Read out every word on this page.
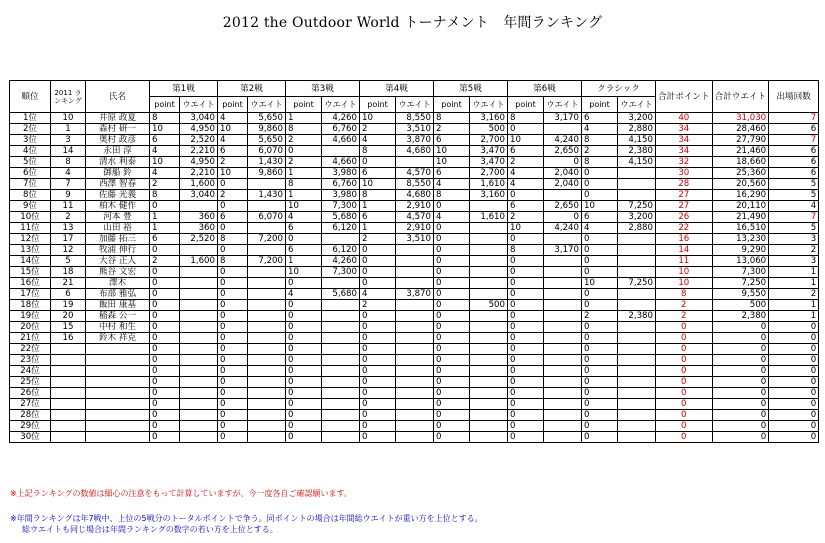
2012 the Outdoor World トーナメント　年間ランキング
順位	2011 ランキング	氏名	第1戦		第2戦		第3戦		第4戦		第5戦		第6戦		クラシック		合計ポイント	合計ウエイト	出場回数
			point	ウエイト	point	ウエイト	point	ウエイト	point	ウエイト	point	ウエイト	point	ウエイト	point	ウエイト			
1位	10	井原 政夏	8	3,040	4	5,650	1	4,260	10	8,550	8	3,160	8	3,170	6	3,200	40	31,030	7
2位	1	森村 研一	10	4,950	10	9,860	8	6,760	2	3,510	2	500	0		4	2,880	34	28,460	6
3位	3	奥村 政彦	6	2,520	4	5,650	2	4,660	4	3,870	6	2,700	10	4,240	8	4,150	34	27,790	7
4位	14	永田 淳	4	2,210	6	6,070	0		8	4,680	10	3,470	6	2,650	2	2,380	34	21,460	6
5位	8	清水 利泰	10	4,950	2	1,430	2	4,660	0		10	3,470	2	0	8	4,150	32	18,660	6
6位	4	御船 鈴	4	2,210	10	9,860	1	3,980	6	4,570	6	2,700	4	2,040	0		30	25,360	6
7位	7	西澤 智春	2	1,600	0		8	6,760	10	8,550	4	1,610	4	2,040	0		28	20,560	5
8位	9	佐藤 光義	8	3,040	2	1,430	1	3,980	8	4,680	8	3,160	0		0		27	16,290	5
9位	11	柏木 健作	0		0		10	7,300	1	2,910	0		6	2,650	10	7,250	27	20,110	4
10位	2	河本 豊	1	360	6	6,070	4	5,680	6	4,570	4	1,610	2	0	6	3,200	26	21,490	7
11位	13	山田 裕	1	360	0		6	6,120	1	2,910	0		10	4,240	4	2,880	22	16,510	5
12位	17	加藤 拓三	6	2,520	8	7,200	0		2	3,510	0		0		0		16	13,230	3
13位	12	牧浦 伸行	0		0		6	6,120	0		0		8	3,170	0		14	9,290	2
14位	5	大谷 正人	2	1,600	8	7,200	1	4,260	0		0		0		0		11	13,060	3
15位	18	熊谷 文宏	0		0		10	7,300	0		0		0		0		10	7,300	1
16位	21	澤木	0		0		0		0		0		0		10	7,250	10	7,250	1
17位	6	布部 雅弘	0		0		4	5,680	4	3,870	0		0		0		8	9,550	2
18位	19	飯田 康基	0		0		0		2		0	500	0		0		2	500	1
19位	20	稲森 公一	0		0		0		0		0		0		2	2,380	2	2,380	1
20位	15	中村 和生	0		0		0		0		0		0		0		0	0	0
21位	16	鈴木 祥克	0		0		0		0		0		0		0		0	0	0
22位			0		0		0		0		0		0		0		0	0	0
23位			0		0		0		0		0		0		0		0	0	0
24位			0		0		0		0		0		0		0		0	0	0
25位			0		0		0		0		0		0		0		0	0	0
26位			0		0		0		0		0		0		0		0	0	0
27位			0		0		0		0		0		0		0		0	0	0
28位			0		0		0		0		0		0		0		0	0	0
29位			0		0		0		0		0		0		0		0	0	0
30位			0		0		0		0		0		0		0		0	0	0
※上記ランキングの数値は細心の注意をもって計算していますが、今一度各自ご確認願います。
※年間ランキングは年7戦中、上位の5戦分のトータルポイントで争う。同ポイントの場合は年間総ウエイトが重い方を上位とする。
総ウエイトも同じ場合は年間ランキングの数字の若い方を上位とする。
